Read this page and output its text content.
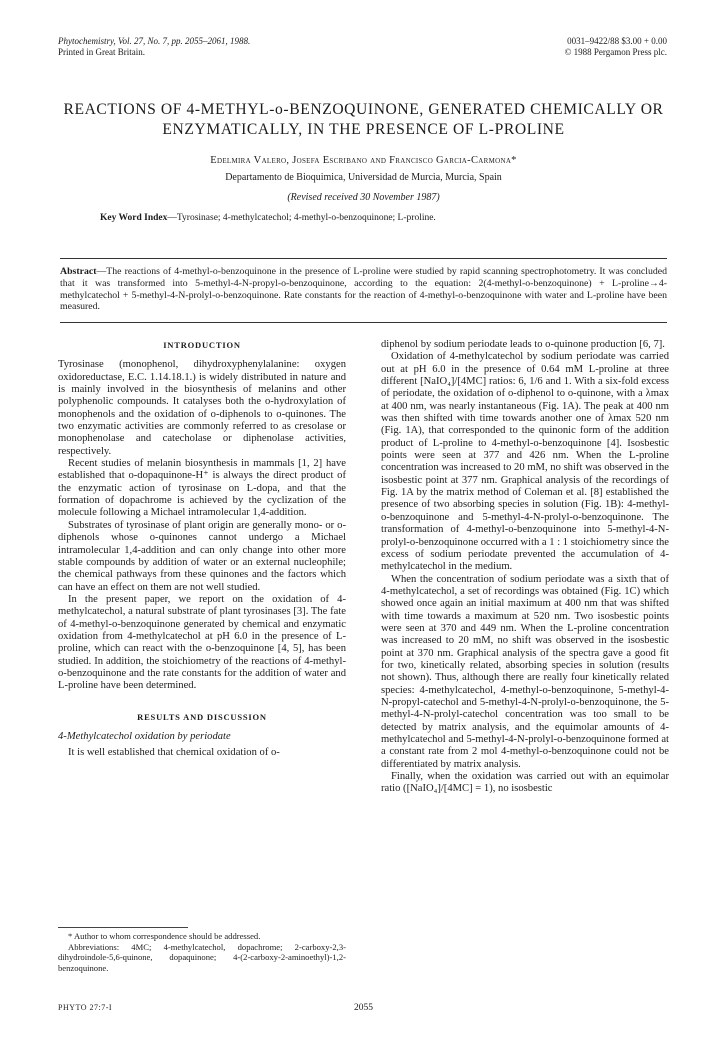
Phytochemistry, Vol. 27, No. 7, pp. 2055–2061, 1988.
Printed in Great Britain.
0031–9422/88 $3.00 + 0.00
© 1988 Pergamon Press plc.
REACTIONS OF 4-METHYL-o-BENZOQUINONE, GENERATED CHEMICALLY OR ENZYMATICALLY, IN THE PRESENCE OF L-PROLINE
Edelmira Valero, Josefa Escribano and Francisco Garcia-Carmona*
Departamento de Bioquimica, Universidad de Murcia, Murcia, Spain
(Revised received 30 November 1987)
Key Word Index—Tyrosinase; 4-methylcatechol; 4-methyl-o-benzoquinone; L-proline.
Abstract—The reactions of 4-methyl-o-benzoquinone in the presence of L-proline were studied by rapid scanning spectrophotometry. It was concluded that it was transformed into 5-methyl-4-N-propyl-o-benzoquinone, according to the equation: 2(4-methyl-o-benzoquinone) + L-proline→4-methylcatechol + 5-methyl-4-N-prolyl-o-benzoquinone. Rate constants for the reaction of 4-methyl-o-benzoquinone with water and L-proline have been measured.
INTRODUCTION

Tyrosinase (monophenol, dihydroxyphenylalanine: oxygen oxidoreductase, E.C. 1.14.18.1.) is widely distributed in nature and is mainly involved in the biosynthesis of melanins and other polyphenolic compounds. It catalyses both the o-hydroxylation of monophenols and the oxidation of o-diphenols to o-quinones. The two enzymatic activities are commonly referred to as cresolase or monophenolase and catecholase or diphenolase activities, respectively.

Recent studies of melanin biosynthesis in mammals [1, 2] have established that o-dopaquinone-H⁺ is always the direct product of the enzymatic action of tyrosinase on L-dopa, and that the formation of dopachrome is achieved by the cyclization of the molecule following a Michael intramolecular 1,4-addition.

Substrates of tyrosinase of plant origin are generally mono- or o-diphenols whose o-quinones cannot undergo a Michael intramolecular 1,4-addition and can only change into other more stable compounds by addition of water or an external nucleophile; the chemical pathways from these quinones and the factors which can have an effect on them are not well studied.

In the present paper, we report on the oxidation of 4-methylcatechol, a natural substrate of plant tyrosinases [3]. The fate of 4-methyl-o-benzoquinone generated by chemical and enzymatic oxidation from 4-methylcatechol at pH 6.0 in the presence of L-proline, which can react with the o-benzoquinone [4, 5], has been studied. In addition, the stoichiometry of the reactions of 4-methyl-o-benzoquinone and the rate constants for the addition of water and L-proline have been determined.

RESULTS AND DISCUSSION
4-Methylcatechol oxidation by periodate

It is well established that chemical oxidation of o-

* Author to whom correspondence should be addressed.
Abbreviations: 4MC; 4-methylcatechol, dopachrome; 2-carboxy-2,3-dihydroindole-5,6-quinone, dopaquinone; 4-(2-carboxy-2-aminoethyl)-1,2-benzoquinone.

diphenol by sodium periodate leads to o-quinone production [6, 7].

Oxidation of 4-methylcatechol by sodium periodate was carried out at pH 6.0 in the presence of 0.64 mM L-proline at three different [NaIO₄]/[4MC] ratios: 6, 1/6 and 1. With a six-fold excess of periodate, the oxidation of o-diphenol to o-quinone, with a λmax at 400 nm, was nearly instantaneous (Fig. 1A). The peak at 400 nm was then shifted with time towards another one of λmax 520 nm (Fig. 1A), that corresponded to the quinonic form of the addition product of L-proline to 4-methyl-o-benzoquinone [4]. Isosbestic points were seen at 377 and 426 nm. When the L-proline concentration was increased to 20 mM, no shift was observed in the isosbestic point at 377 nm. Graphical analysis of the recordings of Fig. 1A by the matrix method of Coleman et al. [8] established the presence of two absorbing species in solution (Fig. 1B): 4-methyl-o-benzoquinone and 5-methyl-4-N-prolyl-o-benzoquinone. The transformation of 4-methyl-o-benzoquinone into 5-methyl-4-N-prolyl-o-benzoquinone occurred with a 1 : 1 stoichiometry since the excess of sodium periodate prevented the accumulation of 4-methylcatechol in the medium.

When the concentration of sodium periodate was a sixth that of 4-methylcatechol, a set of recordings was obtained (Fig. 1C) which showed once again an initial maximum at 400 nm that was shifted with time towards a maximum at 520 nm. Two isosbestic points were seen at 370 and 449 nm. When the L-proline concentration was increased to 20 mM, no shift was observed in the isosbestic point at 370 nm. Graphical analysis of the spectra gave a good fit for two, kinetically related, absorbing species in solution (results not shown). Thus, although there are really four kinetically related species: 4-methylcatechol, 4-methyl-o-benzoquinone, 5-methyl-4-N-propyl-catechol and 5-methyl-4-N-prolyl-o-benzoquinone, the 5-methyl-4-N-prolyl-catechol concentration was too small to be detected by matrix analysis, and the equimolar amounts of 4-methylcatechol and 5-methyl-4-N-prolyl-o-benzoquinone formed at a constant rate from 2 mol 4-methyl-o-benzoquinone could not be differentiated by matrix analysis.

Finally, when the oxidation was carried out with an equimolar ratio ([NaIO₄]/[4MC] = 1), no isosbestic

PHYTO 27:7-I	2055
